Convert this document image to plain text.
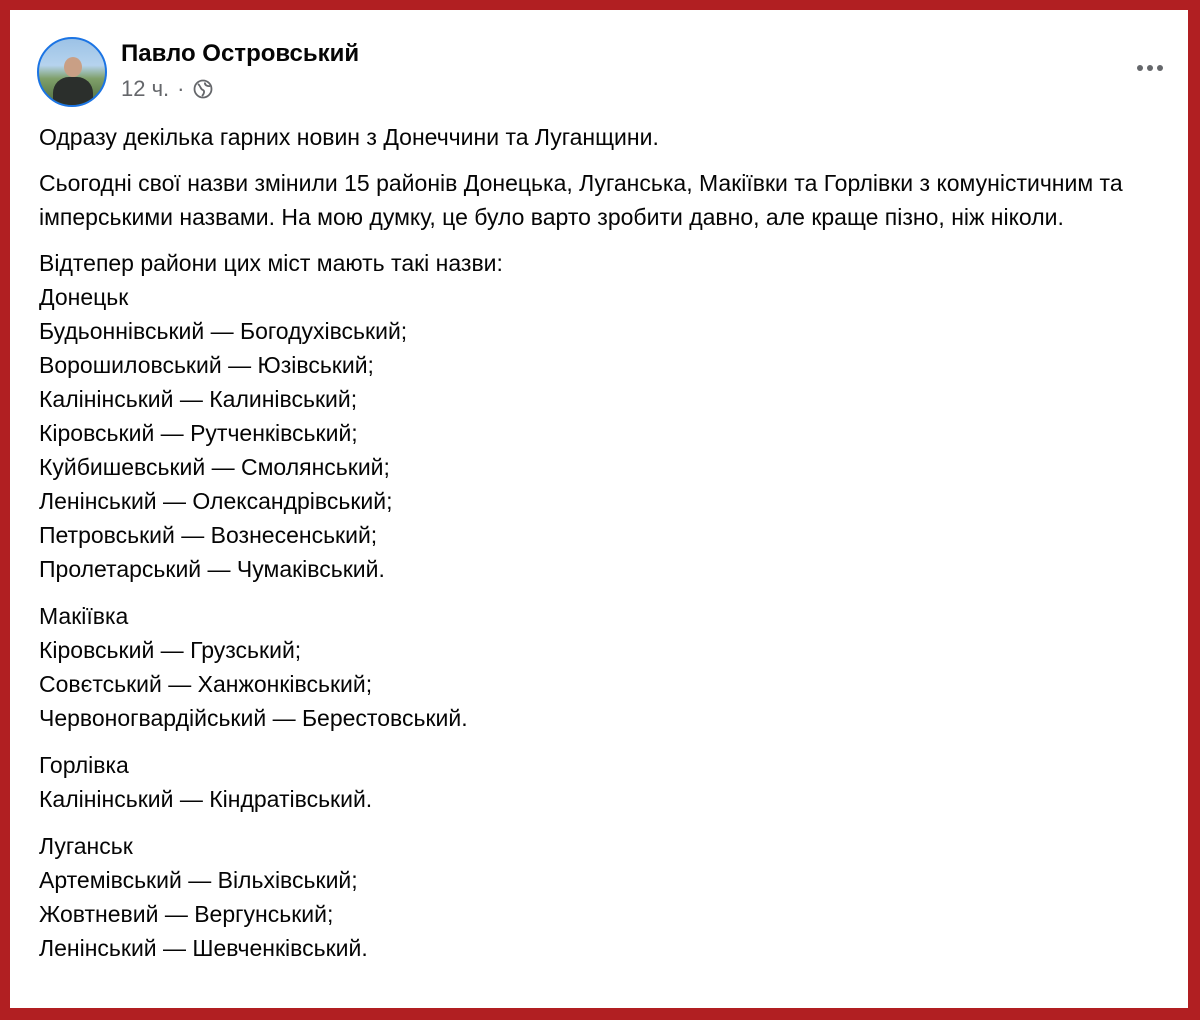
Павло Островський
12 ч. ·

Одразу декілька гарних новин з Донеччини та Луганщини.

Сьогодні свої назви змінили 15 районів Донецька, Луганська, Макіївки та Горлівки з комуністичним та імперськими назвами. На мою думку, це було варто зробити давно, але краще пізно, ніж ніколи.

Відтепер райони цих міст мають такі назви:

Донецьк

Будьоннівський — Богодухівський;

Ворошиловський — Юзівський;

Калінінський — Калинівський;

Кіровський — Рутченківський;

Куйбишевський — Смолянський;

Ленінський — Олександрівський;

Петровський — Вознесенський;

Пролетарський — Чумаківський.

Макіївка

Кіровський — Грузський;

Совєтський — Ханжонківський;

Червоногвардійський — Берестовський.

Горлівка

Калінінський — Кіндратівський.

Луганськ

Артемівський — Вільхівський;

Жовтневий — Вергунський;

Ленінський — Шевченківський.
